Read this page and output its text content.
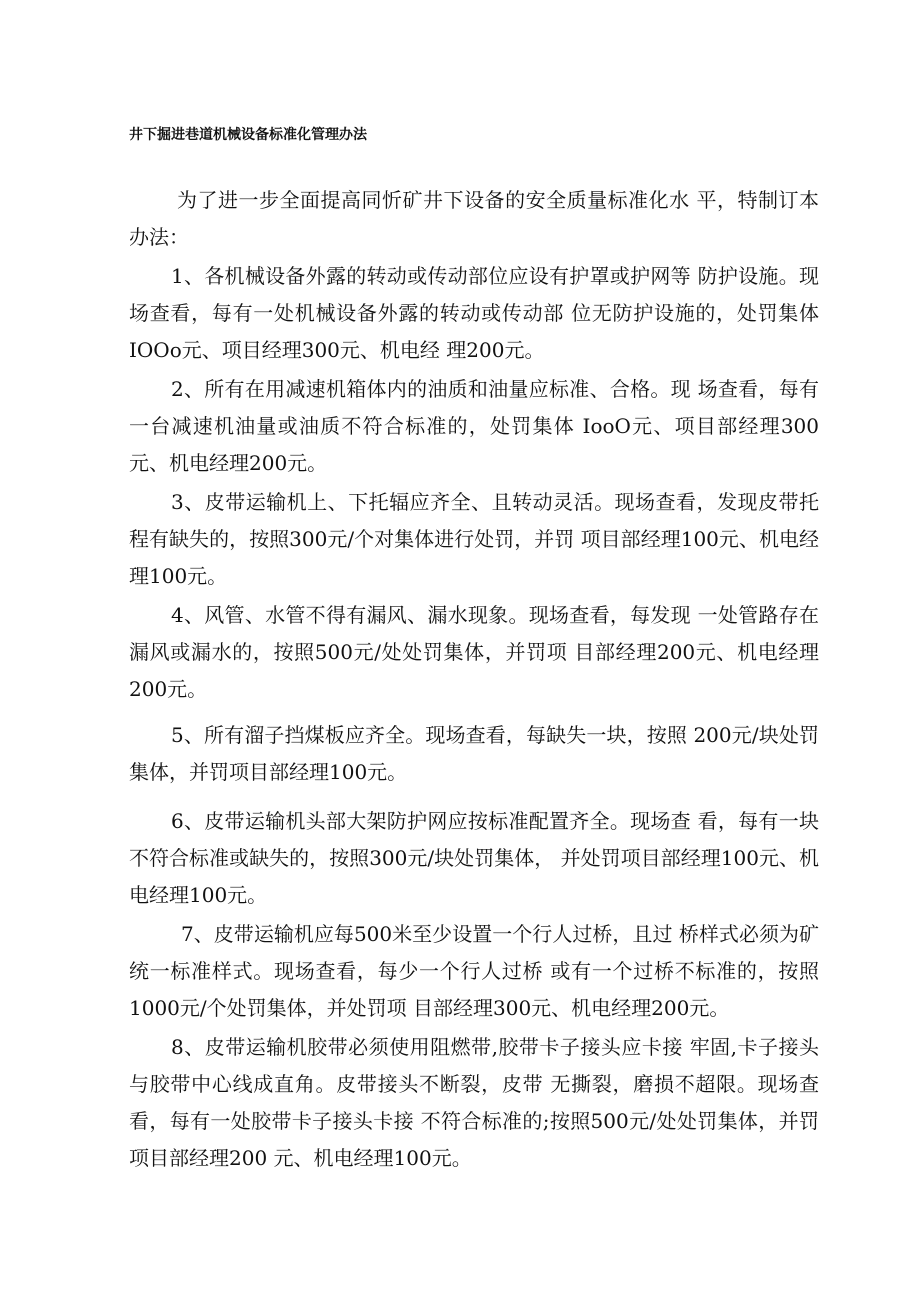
井下掘进巷道机械设备标准化管理办法

为了进一步全面提高同忻矿井下设备的安全质量标准化水 平，特制订本办法：

1、各机械设备外露的转动或传动部位应设有护罩或护网等 防护设施。现场查看，每有一处机械设备外露的转动或传动部 位无防护设施的，处罚集体IOOo元、项目经理300元、机电经 理200元。

2、所有在用减速机箱体内的油质和油量应标准、合格。现 场查看，每有一台减速机油量或油质不符合标准的，处罚集体 IooO元、项目部经理300元、机电经理200元。

3、皮带运输机上、下托辐应齐全、且转动灵活。现场查看，发现皮带托程有缺失的，按照300元/个对集体进行处罚，并罚 项目部经理100元、机电经理100元。

4、风管、水管不得有漏风、漏水现象。现场查看，每发现 一处管路存在漏风或漏水的，按照500元/处处罚集体，并罚项 目部经理200元、机电经理200元。

5、所有溜子挡煤板应齐全。现场查看，每缺失一块，按照 200元/块处罚集体，并罚项目部经理100元。

6、皮带运输机头部大架防护网应按标准配置齐全。现场查 看，每有一块不符合标准或缺失的，按照300元/块处罚集体， 并处罚项目部经理100元、机电经理100元。

7、皮带运输机应每500米至少设置一个行人过桥，且过 桥样式必须为矿统一标准样式。现场查看，每少一个行人过桥 或有一个过桥不标准的，按照1000元/个处罚集体，并处罚项 目部经理300元、机电经理200元。

8、皮带运输机胶带必须使用阻燃带,胶带卡子接头应卡接 牢固,卡子接头与胶带中心线成直角。皮带接头不断裂，皮带 无撕裂，磨损不超限。现场查看，每有一处胶带卡子接头卡接 不符合标准的;按照500元/处处罚集体，并罚项目部经理200 元、机电经理100元。
